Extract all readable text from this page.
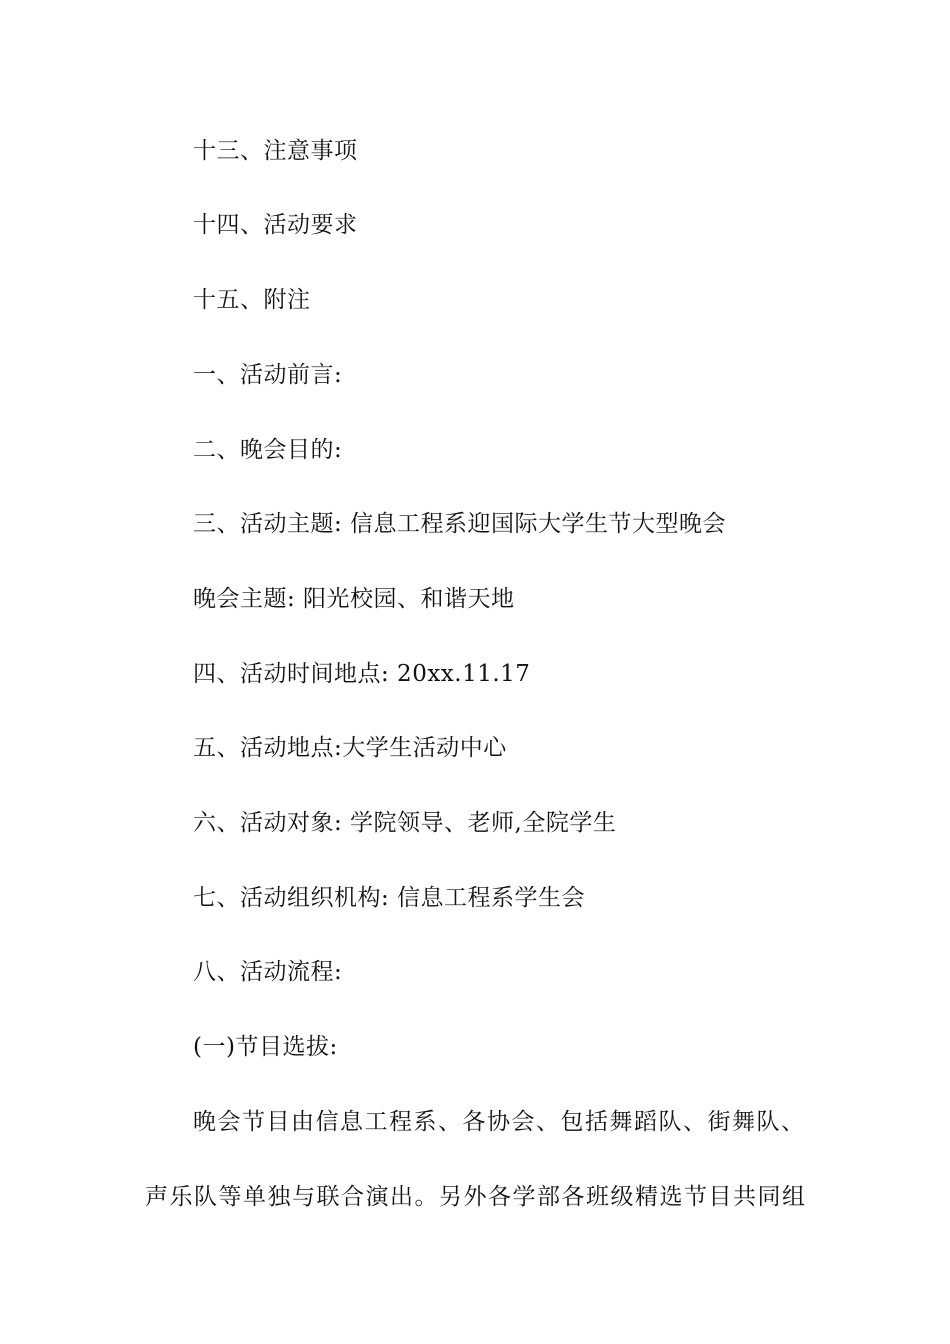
十三、注意事项
十四、活动要求
十五、附注
一、活动前言:
二、晚会目的:
三、活动主题: 信息工程系迎国际大学生节大型晚会
晚会主题: 阳光校园、和谐天地
四、活动时间地点: 20xx.11.17
五、活动地点:大学生活动中心
六、活动对象: 学院领导、老师,全院学生
七、活动组织机构: 信息工程系学生会
八、活动流程:
(一)节目选拔:
晚会节目由信息工程系、各协会、包括舞蹈队、街舞队、
声乐队等单独与联合演出。另外各学部各班级精选节目共同组
